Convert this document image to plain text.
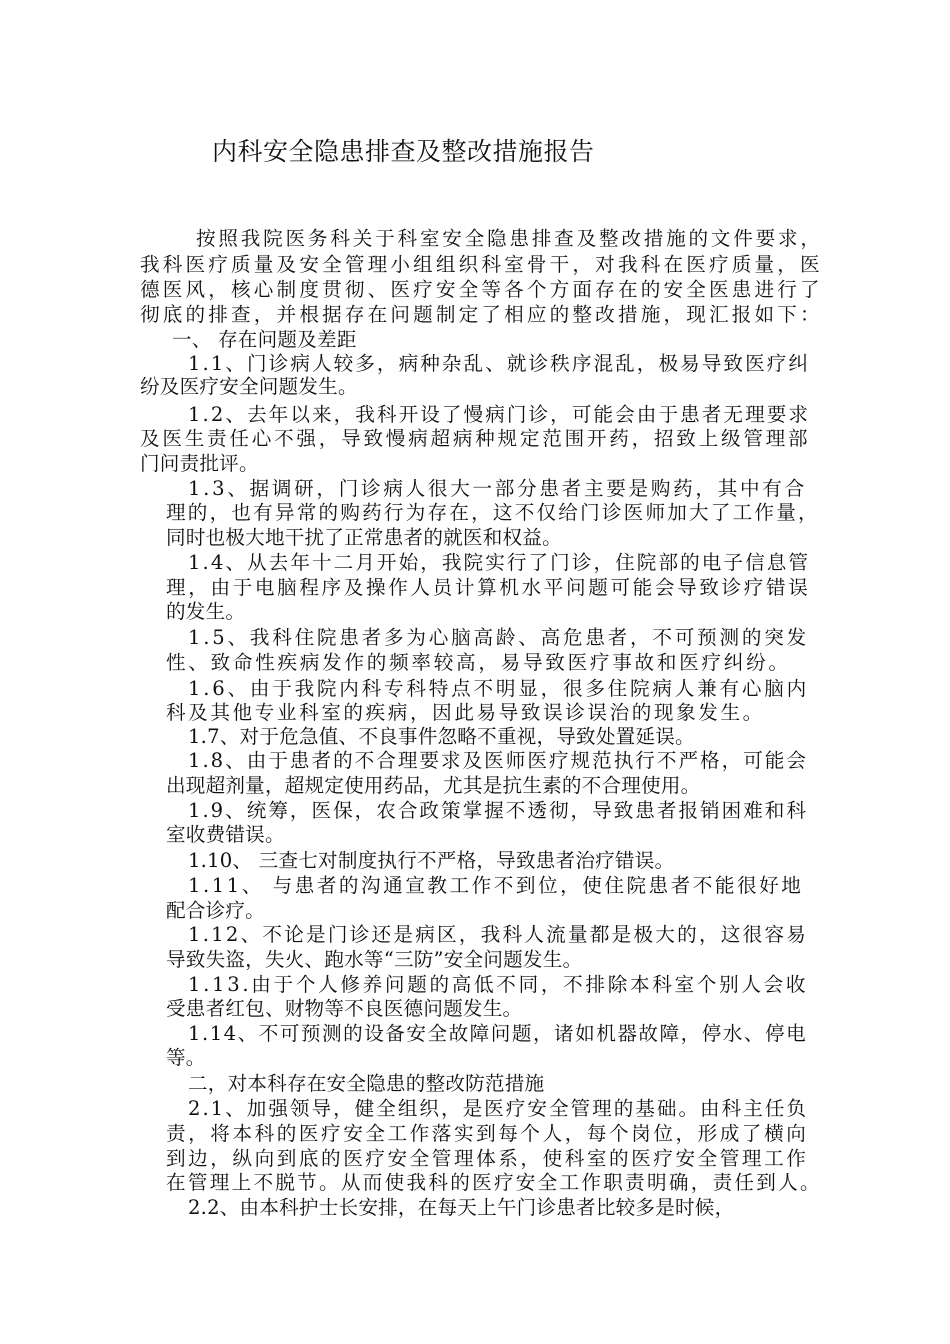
内科安全隐患排查及整改措施报告
按照我院医务科关于科室安全隐患排查及整改措施的文件要求，
我科医疗质量及安全管理小组组织科室骨干，对我科在医疗质量，医
德医风，核心制度贯彻、医疗安全等各个方面存在的安全医患进行了
彻底的排查，并根据存在问题制定了相应的整改措施，现汇报如下：
一、 存在问题及差距
1.1、门诊病人较多，病种杂乱、就诊秩序混乱，极易导致医疗纠
纷及医疗安全问题发生。
1.2、去年以来，我科开设了慢病门诊，可能会由于患者无理要求
及医生责任心不强，导致慢病超病种规定范围开药，招致上级管理部
门问责批评。
1.3、据调研，门诊病人很大一部分患者主要是购药，其中有合
理的，也有异常的购药行为存在，这不仅给门诊医师加大了工作量，
同时也极大地干扰了正常患者的就医和权益。
1.4、从去年十二月开始，我院实行了门诊，住院部的电子信息管
理，由于电脑程序及操作人员计算机水平问题可能会导致诊疗错误
的发生。
1.5、我科住院患者多为心脑高龄、高危患者，不可预测的突发
性、致命性疾病发作的频率较高，易导致医疗事故和医疗纠纷。
1.6、由于我院内科专科特点不明显，很多住院病人兼有心脑内
科及其他专业科室的疾病，因此易导致误诊误治的现象发生。
1.7、对于危急值、不良事件忽略不重视，导致处置延误。
1.8、由于患者的不合理要求及医师医疗规范执行不严格，可能会
出现超剂量，超规定使用药品，尤其是抗生素的不合理使用。
1.9、统筹，医保，农合政策掌握不透彻，导致患者报销困难和科
室收费错误。
1.10、 三查七对制度执行不严格，导致患者治疗错误。
1.11、 与患者的沟通宣教工作不到位，使住院患者不能很好地
配合诊疗。
1.12、不论是门诊还是病区，我科人流量都是极大的，这很容易
导致失盗，失火、跑水等“三防”安全问题发生。
1.13.由于个人修养问题的高低不同，不排除本科室个别人会收
受患者红包、财物等不良医德问题发生。
1.14、不可预测的设备安全故障问题，诸如机器故障，停水、停电
等。
二，对本科存在安全隐患的整改防范措施
2.1、加强领导，健全组织，是医疗安全管理的基础。由科主任负
责，将本科的医疗安全工作落实到每个人，每个岗位，形成了横向
到边，纵向到底的医疗安全管理体系，使科室的医疗安全管理工作
在管理上不脱节。从而使我科的医疗安全工作职责明确，责任到人。
2.2、由本科护士长安排，在每天上午门诊患者比较多是时候，
